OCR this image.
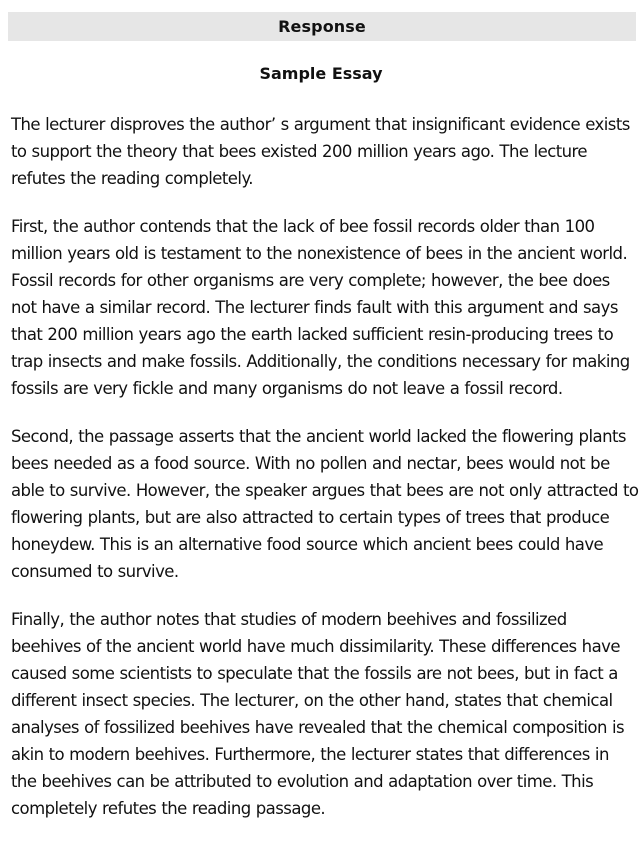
Response
Sample Essay

The lecturer disproves the author’ s argument that insignificant evidence exists to support the theory that bees existed 200 million years ago. The lecture refutes the reading completely.

First, the author contends that the lack of bee fossil records older than 100 million years old is testament to the nonexistence of bees in the ancient world. Fossil records for other organisms are very complete; however, the bee does not have a similar record. The lecturer finds fault with this argument and says that 200 million years ago the earth lacked sufficient resin-producing trees to trap insects and make fossils. Additionally, the conditions necessary for making fossils are very fickle and many organisms do not leave a fossil record.

Second, the passage asserts that the ancient world lacked the flowering plants bees needed as a food source. With no pollen and nectar, bees would not be able to survive. However, the speaker argues that bees are not only attracted to flowering plants, but are also attracted to certain types of trees that produce honeydew. This is an alternative food source which ancient bees could have consumed to survive.

Finally, the author notes that studies of modern beehives and fossilized beehives of the ancient world have much dissimilarity. These differences have caused some scientists to speculate that the fossils are not bees, but in fact a different insect species. The lecturer, on the other hand, states that chemical analyses of fossilized beehives have revealed that the chemical composition is akin to modern beehives. Furthermore, the lecturer states that differences in the beehives can be attributed to evolution and adaptation over time. This completely refutes the reading passage.
